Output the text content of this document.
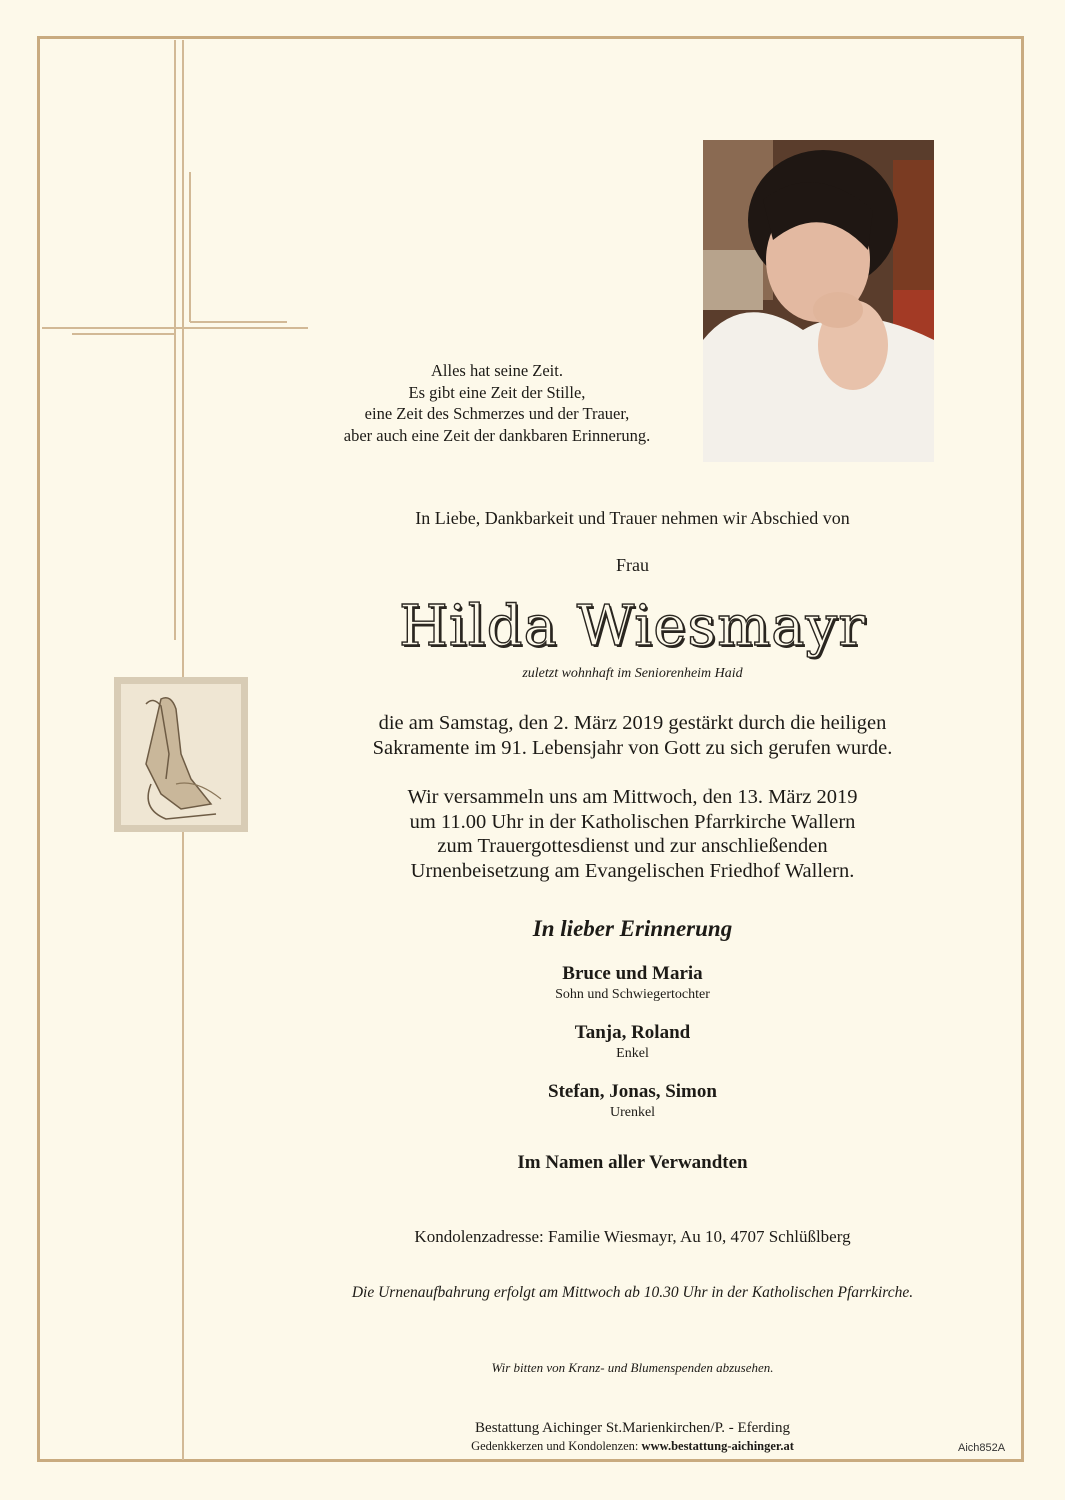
Alles hat seine Zeit.
Es gibt eine Zeit der Stille,
eine Zeit des Schmerzes und der Trauer,
aber auch eine Zeit der dankbaren Erinnerung.
In Liebe, Dankbarkeit und Trauer nehmen wir Abschied von
Frau
Hilda Wiesmayr
zuletzt wohnhaft im Seniorenheim Haid
die am Samstag, den 2. März 2019 gestärkt durch die heiligen
Sakramente im 91. Lebensjahr von Gott zu sich gerufen wurde.
Wir versammeln uns am Mittwoch, den 13. März 2019
um 11.00 Uhr in der Katholischen Pfarrkirche Wallern
zum Trauergottesdienst und zur anschließenden
Urnenbeisetzung am Evangelischen Friedhof Wallern.
In lieber Erinnerung
Bruce und Maria
Sohn und Schwiegertochter
Tanja, Roland
Enkel
Stefan, Jonas, Simon
Urenkel
Im Namen aller Verwandten
Kondolenzadresse: Familie Wiesmayr, Au 10, 4707 Schlüßlberg
Die Urnenaufbahrung erfolgt am Mittwoch ab 10.30 Uhr in der Katholischen Pfarrkirche.
Wir bitten von Kranz- und Blumenspenden abzusehen.
Bestattung Aichinger St.Marienkirchen/P. - Eferding
Gedenkkerzen und Kondolenzen: www.bestattung-aichinger.at	Aich852A
